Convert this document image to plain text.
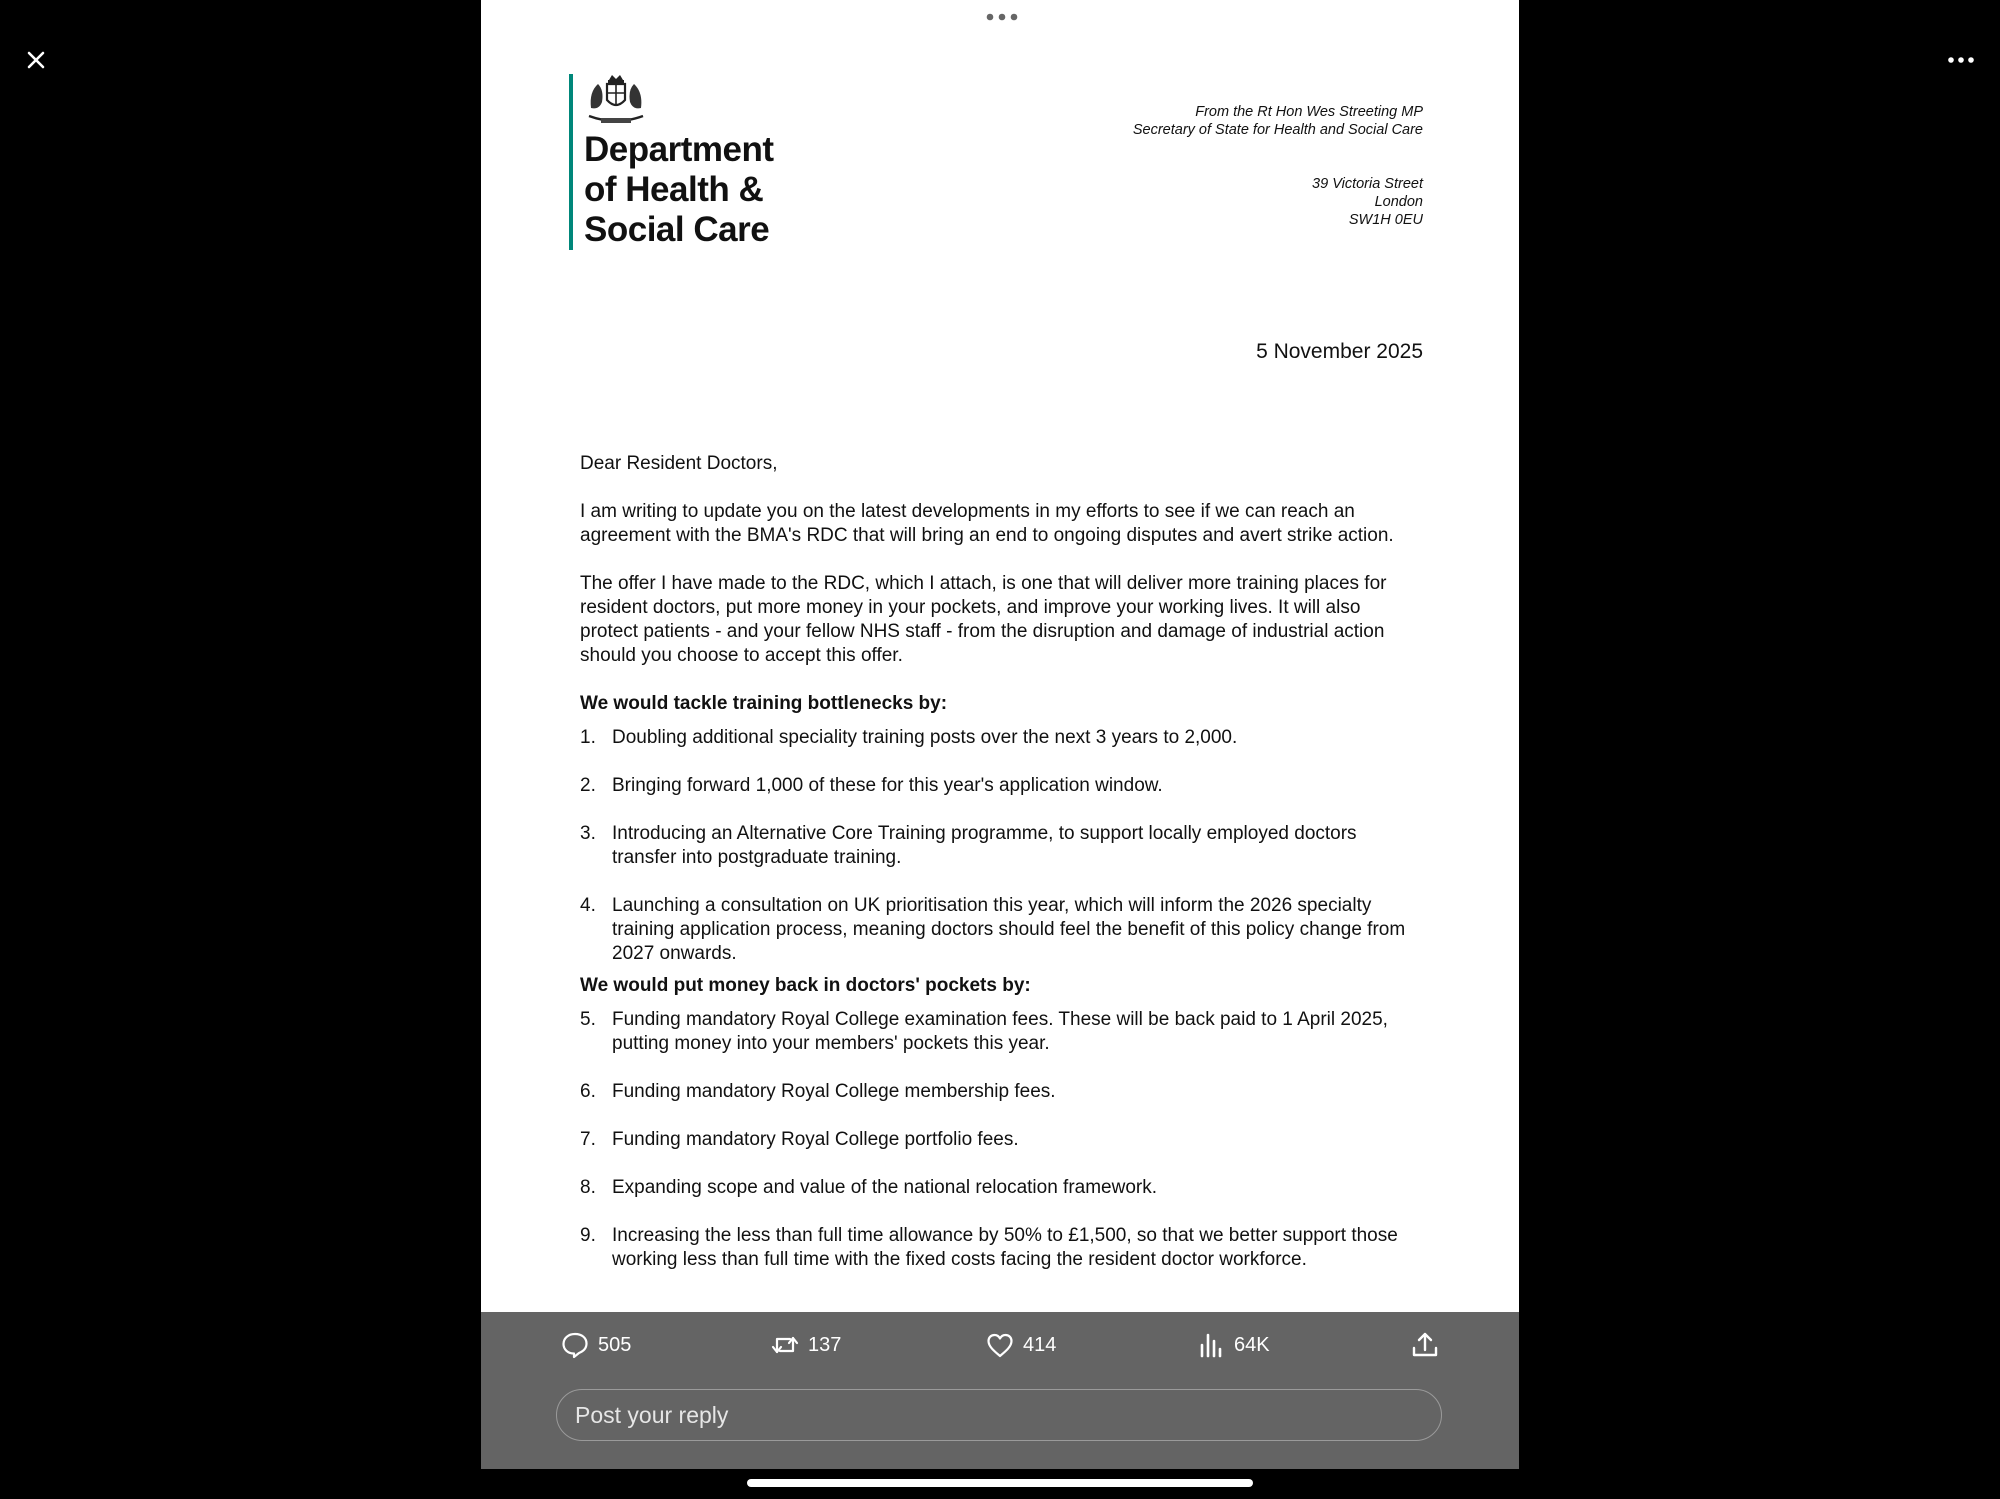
Department
of Health &
Social Care
From the Rt Hon Wes Streeting MP
Secretary of State for Health and Social Care
39 Victoria Street
London
SW1H 0EU
5 November 2025

Dear Resident Doctors,

I am writing to update you on the latest developments in my efforts to see if we can reach an agreement with the BMA's RDC that will bring an end to ongoing disputes and avert strike action.

The offer I have made to the RDC, which I attach, is one that will deliver more training places for resident doctors, put more money in your pockets, and improve your working lives. It will also protect patients - and your fellow NHS staff - from the disruption and damage of industrial action should you choose to accept this offer.

We would tackle training bottlenecks by:
1. Doubling additional speciality training posts over the next 3 years to 2,000.
2. Bringing forward 1,000 of these for this year's application window.
3. Introducing an Alternative Core Training programme, to support locally employed doctors transfer into postgraduate training.
4. Launching a consultation on UK prioritisation this year, which will inform the 2026 specialty training application process, meaning doctors should feel the benefit of this policy change from 2027 onwards.
We would put money back in doctors' pockets by:
5. Funding mandatory Royal College examination fees. These will be back paid to 1 April 2025, putting money into your members' pockets this year.
6. Funding mandatory Royal College membership fees.
7. Funding mandatory Royal College portfolio fees.
8. Expanding scope and value of the national relocation framework.
9. Increasing the less than full time allowance by 50% to £1,500, so that we better support those working less than full time with the fixed costs facing the resident doctor workforce.
505	137	414	64K
Post your reply
